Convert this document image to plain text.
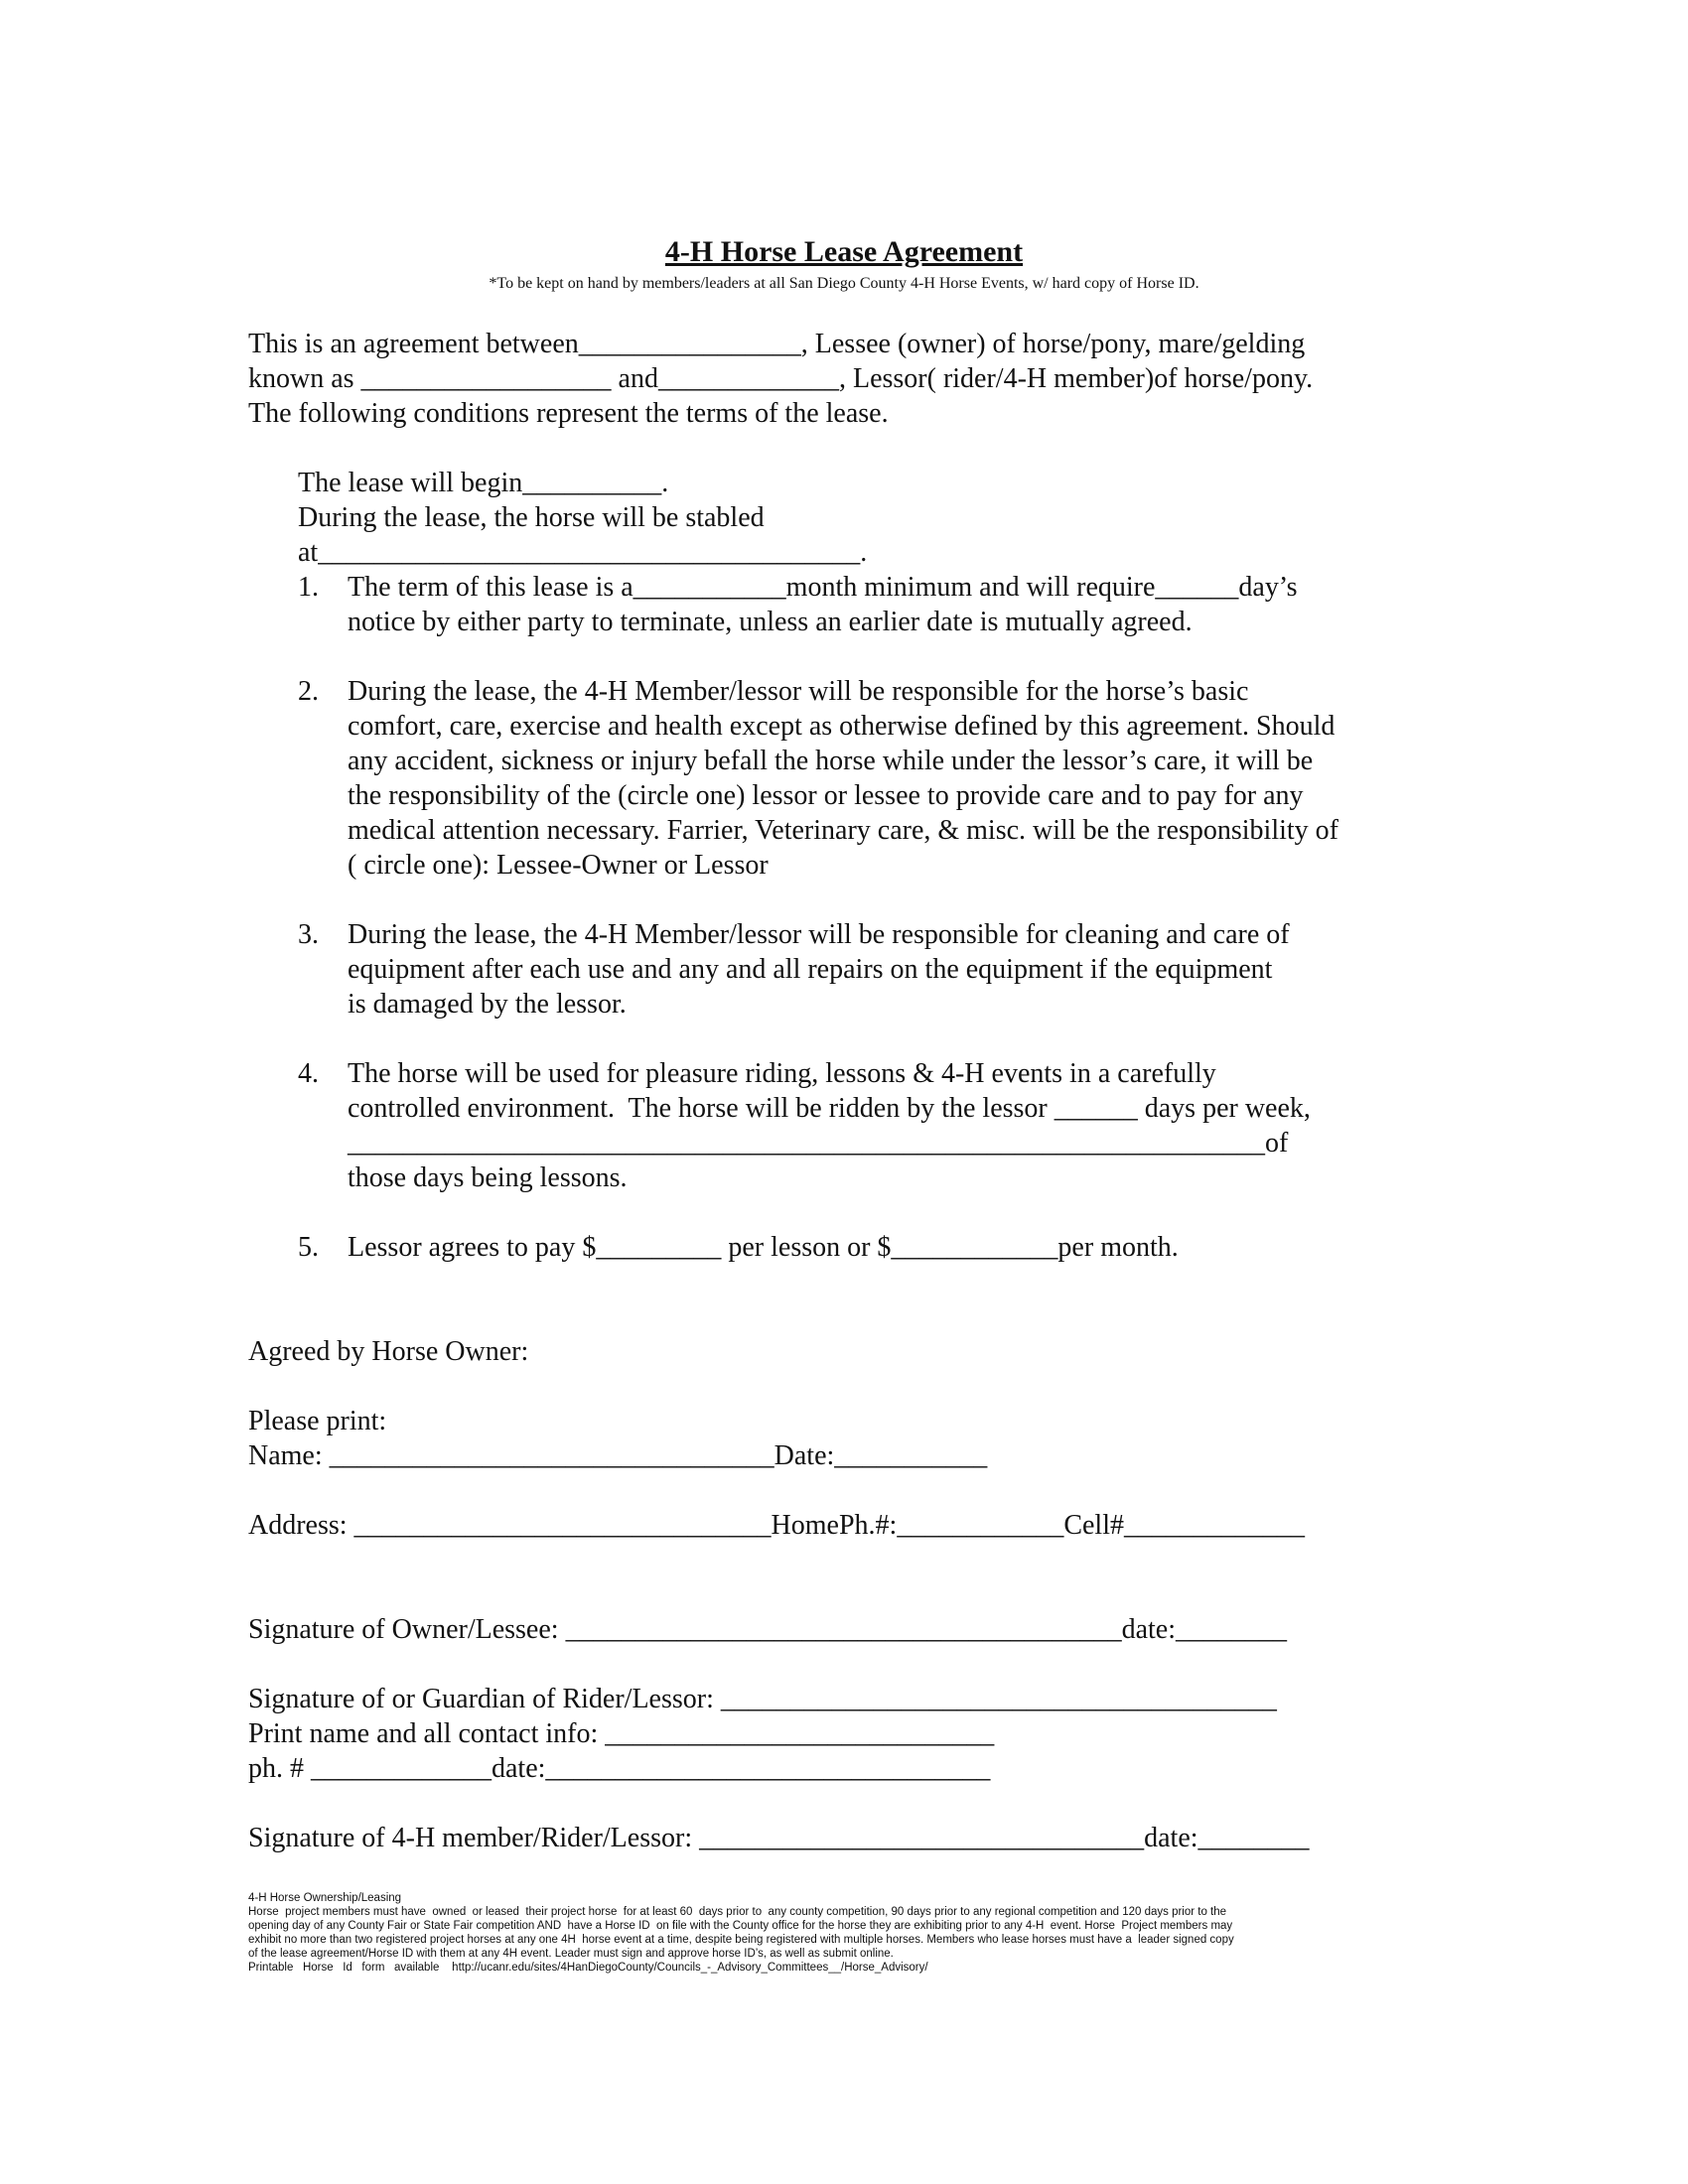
4-H Horse Lease Agreement
*To be kept on hand by members/leaders at all San Diego County 4-H Horse Events, w/ hard copy of Horse ID.
This is an agreement between________________, Lessee (owner) of horse/pony, mare/gelding
known as __________________ and_____________, Lessor( rider/4-H member)of horse/pony.
The following conditions represent the terms of the lease.
The lease will begin__________.
During the lease, the horse will be stabled
at_______________________________________.
1. The term of this lease is a___________month minimum and will require______day’s
notice by either party to terminate, unless an earlier date is mutually agreed.
2. During the lease, the 4-H Member/lessor will be responsible for the horse’s basic
comfort, care, exercise and health except as otherwise defined by this agreement. Should
any accident, sickness or injury befall the horse while under the lessor’s care, it will be
the responsibility of the (circle one) lessor or lessee to provide care and to pay for any
medical attention necessary. Farrier, Veterinary care, & misc. will be the responsibility of
( circle one): Lessee-Owner or Lessor
3. During the lease, the 4-H Member/lessor will be responsible for cleaning and care of
equipment after each use and any and all repairs on the equipment if the equipment
is damaged by the lessor.
4. The horse will be used for pleasure riding, lessons & 4-H events in a carefully
controlled environment.  The horse will be ridden by the lessor ______ days per week,
__________________________________________________________________of
those days being lessons.
5. Lessor agrees to pay $_________ per lesson or $____________per month.
Agreed by Horse Owner:
Please print:
Name: ________________________________Date:___________
Address: ______________________________HomePh.#:____________Cell#_____________
Signature of Owner/Lessee: ________________________________________date:________
Signature of or Guardian of Rider/Lessor: ________________________________________
Print name and all contact info: ____________________________
ph. # _____________date:________________________________
Signature of 4-H member/Rider/Lessor: ________________________________date:________
4-H Horse Ownership/Leasing
Horse  project members must have  owned  or leased  their project horse  for at least 60  days prior to  any county competition, 90 days prior to any regional competition and 120 days prior to the
opening day of any County Fair or State Fair competition AND  have a Horse ID  on file with the County office for the horse they are exhibiting prior to any 4-H  event. Horse  Project members may
exhibit no more than two registered project horses at any one 4H  horse event at a time, despite being registered with multiple horses. Members who lease horses must have a  leader signed copy
of the lease agreement/Horse ID with them at any 4H event. Leader must sign and approve horse ID’s, as well as submit online.
Printable   Horse   Id   form   available    http://ucanr.edu/sites/4HanDiegoCounty/Councils_-_Advisory_Committees__/Horse_Advisory/
